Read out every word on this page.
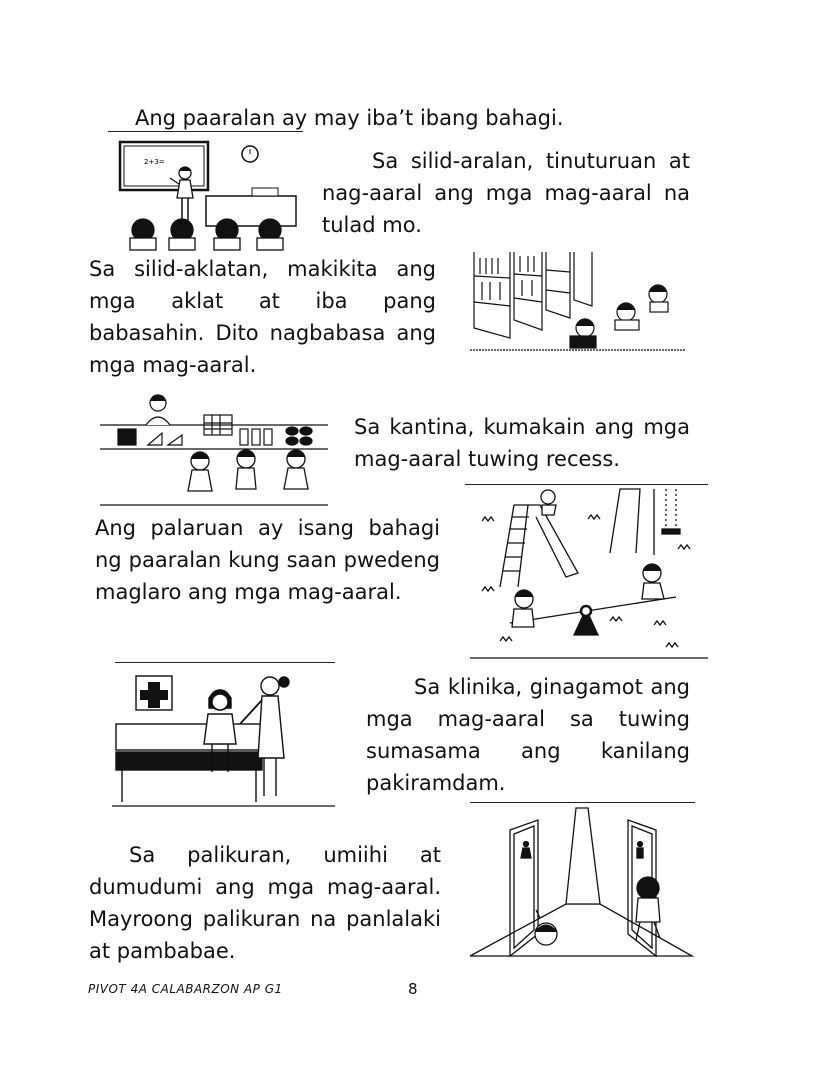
Ang paaralan ay may iba’t ibang bahagi.
2+3=	Sa silid-aralan, tinuturuan at nag-aaral ang mga mag-aaral na tulad mo.
Sa silid-aklatan, makikita ang mga aklat at iba pang babasahin. Dito nagbabasa ang mga mag-aaral.
Sa kantina, kumakain ang mga mag-aaral tuwing recess.
Ang palaruan ay isang bahagi ng paaralan kung saan pwedeng maglaro ang mga mag-aaral.
Sa klinika, ginagamot ang mga mag-aaral sa tuwing sumasama ang kanilang pakiramdam.
Sa palikuran, umiihi at dumudumi ang mga mag-aaral. Mayroong palikuran na panlalaki at pambabae.
PIVOT 4A CALABARZON AP G1	8
